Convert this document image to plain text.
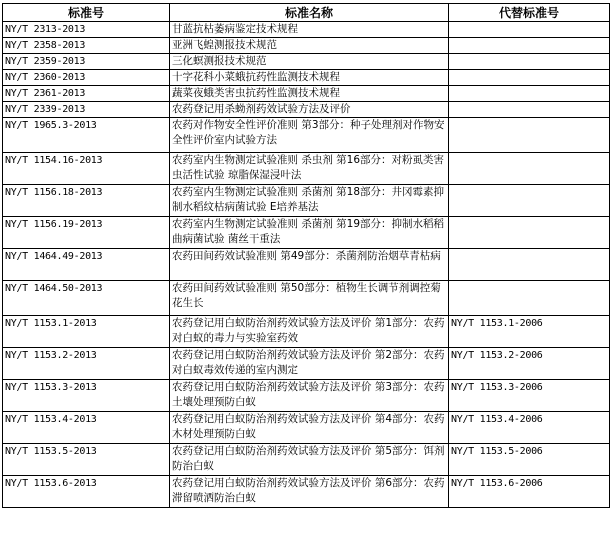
标准号	标准名称	代替标准号
NY/T 2313-2013	甘蓝抗枯萎病鉴定技术规程	
NY/T 2358-2013	亚洲飞蝗测报技术规范	
NY/T 2359-2013	三化螟测报技术规范	
NY/T 2360-2013	十字花科小菜蛾抗药性监测技术规程	
NY/T 2361-2013	蔬菜夜蛾类害虫抗药性监测技术规程	
NY/T 2339-2013	农药登记用杀蚴剂药效试验方法及评价	
NY/T 1965.3-2013	农药对作物安全性评价准则 第3部分：种子处理剂对作物安全性评价室内试验方法	
NY/T 1154.16-2013	农药室内生物测定试验准则 杀虫剂 第16部分：对粉虱类害虫活性试验 琼脂保湿浸叶法	
NY/T 1156.18-2013	农药室内生物测定试验准则 杀菌剂 第18部分：井冈霉素抑制水稻纹枯病菌试验 E培养基法	
NY/T 1156.19-2013	农药室内生物测定试验准则 杀菌剂 第19部分：抑制水稻稻曲病菌试验 菌丝干重法	
NY/T 1464.49-2013	农药田间药效试验准则 第49部分：杀菌剂防治烟草青枯病	
NY/T 1464.50-2013	农药田间药效试验准则 第50部分：植物生长调节剂调控菊花生长	
NY/T 1153.1-2013	农药登记用白蚁防治剂药效试验方法及评价 第1部分：农药对白蚁的毒力与实验室药效	NY/T 1153.1-2006
NY/T 1153.2-2013	农药登记用白蚁防治剂药效试验方法及评价 第2部分：农药对白蚁毒效传递的室内测定	NY/T 1153.2-2006
NY/T 1153.3-2013	农药登记用白蚁防治剂药效试验方法及评价 第3部分：农药土壤处理预防白蚁	NY/T 1153.3-2006
NY/T 1153.4-2013	农药登记用白蚁防治剂药效试验方法及评价 第4部分：农药木材处理预防白蚁	NY/T 1153.4-2006
NY/T 1153.5-2013	农药登记用白蚁防治剂药效试验方法及评价 第5部分：饵剂防治白蚁	NY/T 1153.5-2006
NY/T 1153.6-2013	农药登记用白蚁防治剂药效试验方法及评价 第6部分：农药滞留喷洒防治白蚁	NY/T 1153.6-2006
